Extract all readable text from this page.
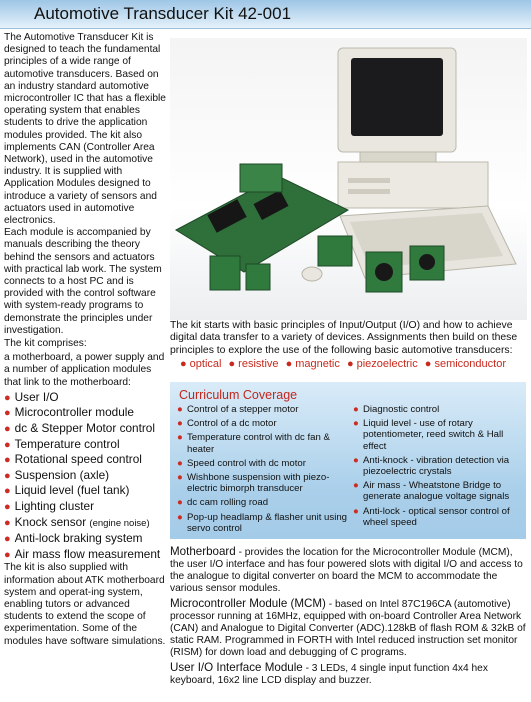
Automotive Transducer Kit 42-001

The Automotive Transducer Kit is designed to teach the fundamental principles of a wide range of automotive transducers. Based on an industry standard automotive microcontroller IC that has a flexible operating system that enables students to drive the application modules provided. The kit also implements CAN (Controller Area Network), used in the automotive industry. It is supplied with Application Modules designed to introduce a variety of sensors and actuators used in automotive electronics.

Each module is accompanied by manuals describing the theory behind the sensors and actuators with practical lab work. The system connects to a host PC and is provided with the control software with system-ready programs to demonstrate the principles under investigation.

The kit comprises:

a motherboard, a power supply and a number of application modules that link to the motherboard:

● User I/O
● Microcontroller module
● dc & Stepper Motor control
● Temperature control
● Rotational speed control
● Suspension (axle)
● Liquid level (fuel tank)
● Lighting cluster
● Knock sensor (engine noise)
● Anti-lock braking system
● Air mass flow measurement

The kit is also supplied with information about ATK motherboard system and operat-ing system, enabling tutors or advanced students to extend the scope of experimentation. Some of the modules have software simulations.

The kit starts with basic principles of Input/Output (I/O) and how to achieve digital data transfer to a variety of devices. Assignments then build on these principles to explore the use of the following basic automotive transducers:
● optical ● resistive ● magnetic ● piezoelectric ● semiconductor
Curriculum Coverage
● Control of a stepper motor
● Control of a dc motor
● Temperature control with dc fan & heater
● Speed control with dc motor
● Wishbone suspension with piezo-electric bimorph transducer
● dc cam rolling road
● Pop-up headlamp & flasher unit using servo control
● Diagnostic control
● Liquid level - use of rotary potentiometer, reed switch & Hall effect
● Anti-knock - vibration detection via piezoelectric crystals
● Air mass - Wheatstone Bridge to generate analogue voltage signals
● Anti-lock - optical sensor control of wheel speed

Motherboard - provides the location for the Microcontroller Module (MCM), the user I/O interface and has four powered slots with digital I/O and access to the analogue to digital converter on board the MCM to accommodate the various sensor modules.

Microcontroller Module (MCM) - based on Intel 87C196CA (automotive) processor running at 16MHz, equipped with on-board Controller Area Network (CAN) and Analogue to Digital Converter (ADC).128kB of flash ROM & 32kB of static RAM. Programmed in FORTH with Intel reduced instruction set monitor (RISM) for down load and debugging of C programs.

User I/O Interface Module - 3 LEDs, 4 single input function 4x4 hex keyboard, 16x2 line LCD display and buzzer.
